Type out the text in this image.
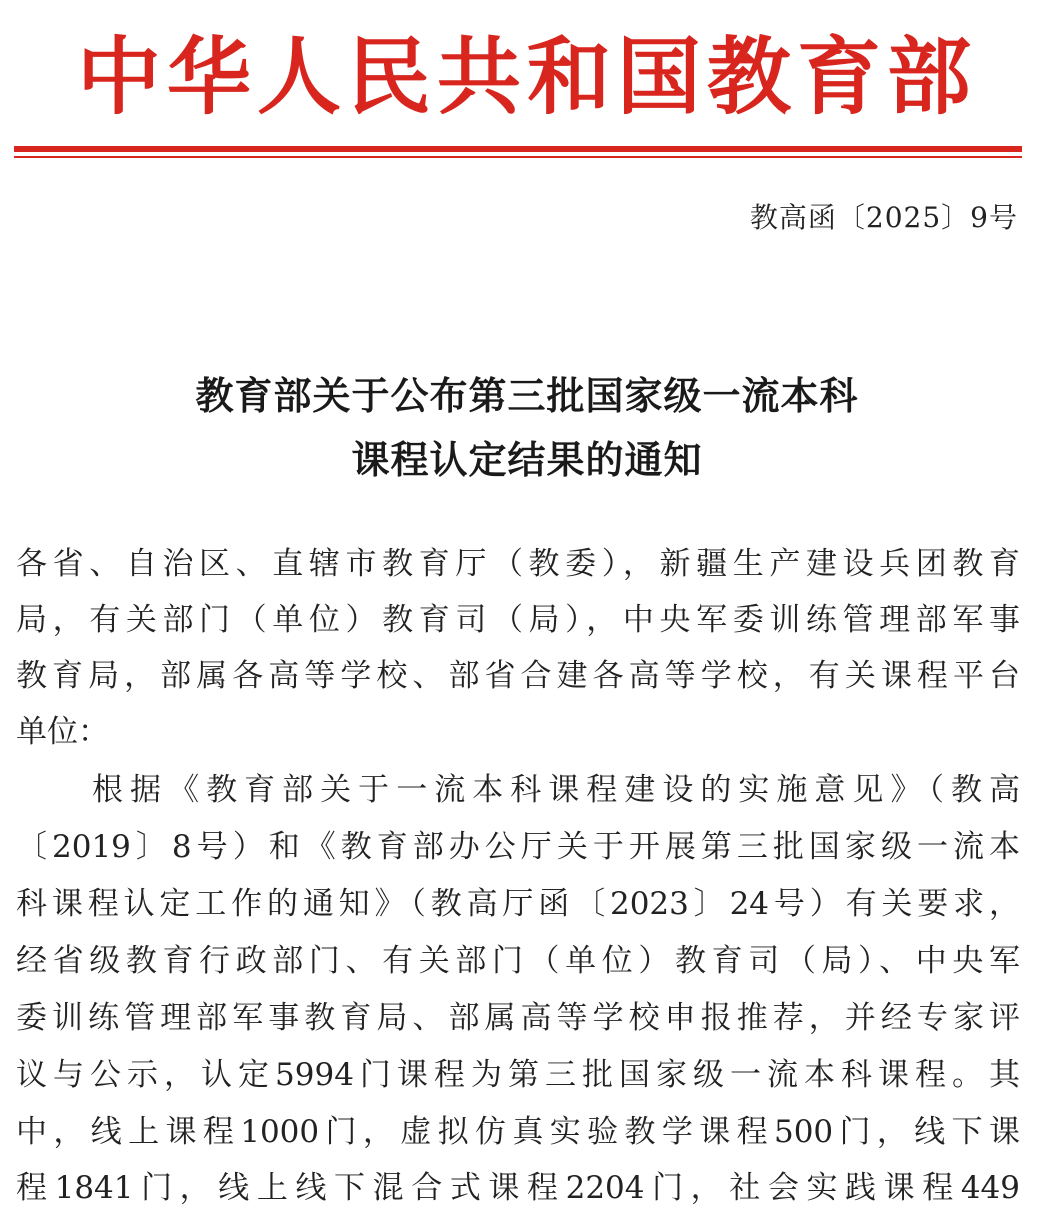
中华人民共和国教育部
教高函〔2025〕9号
教育部关于公布第三批国家级一流本科
课程认定结果的通知
各省、自治区、直辖市教育厅（教委），新疆生产建设兵团教育
局，有关部门（单位）教育司（局），中央军委训练管理部军事
教育局，部属各高等学校、部省合建各高等学校，有关课程平台
单位：
　　根据《教育部关于一流本科课程建设的实施意见》（教高
〔2019〕8号）和《教育部办公厅关于开展第三批国家级一流本
科课程认定工作的通知》（教高厅函〔2023〕24号）有关要求，
经省级教育行政部门、有关部门（单位）教育司（局）、中央军
委训练管理部军事教育局、部属高等学校申报推荐，并经专家评
议与公示，认定5994门课程为第三批国家级一流本科课程。其
中，线上课程1000门，虚拟仿真实验教学课程500门，线下课
程1841门，线上线下混合式课程2204门，社会实践课程449
